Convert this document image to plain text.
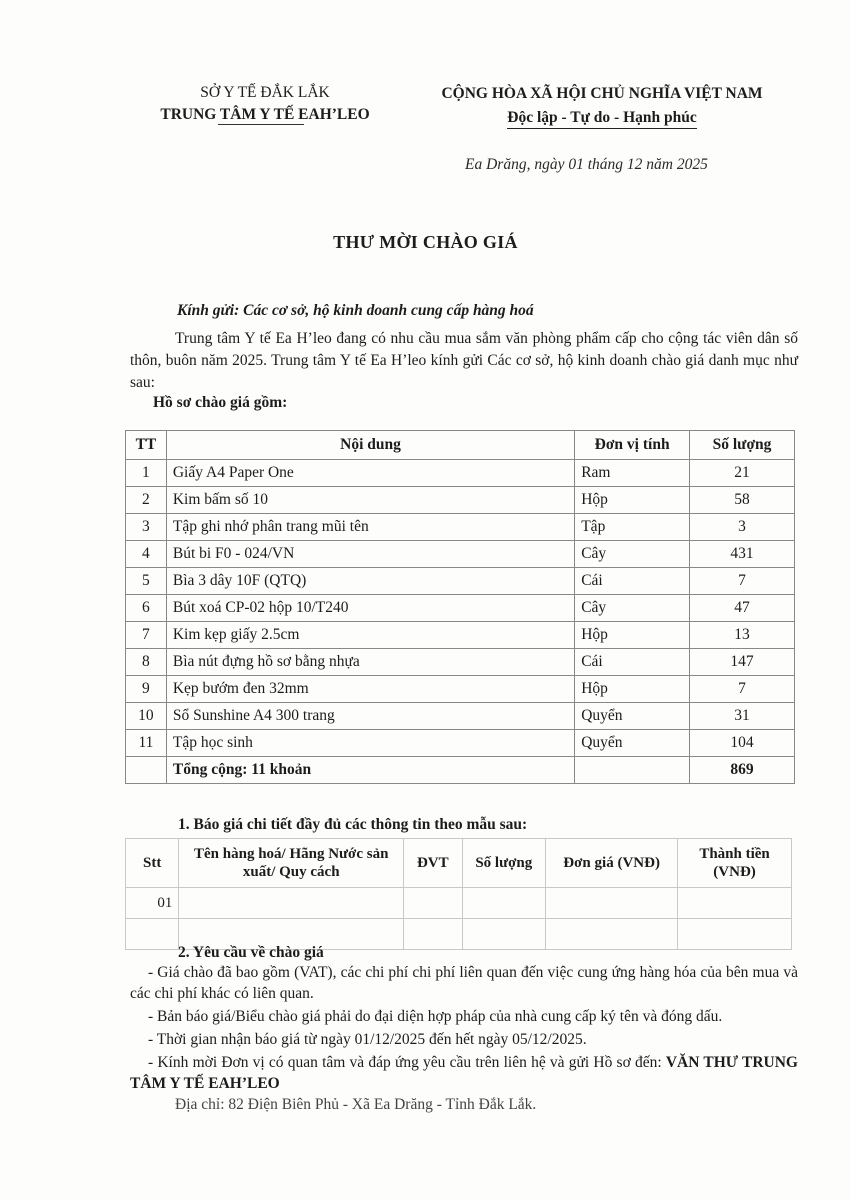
SỞ Y TẾ ĐẮK LẮK
TRUNG TÂM Y TẾ EAH’LEO
CỘNG HÒA XÃ HỘI CHỦ NGHĨA VIỆT NAM
Độc lập - Tự do - Hạnh phúc
Ea Drăng, ngày 01 tháng 12 năm 2025
THƯ MỜI CHÀO GIÁ
Kính gửi: Các cơ sở, hộ kinh doanh cung cấp hàng hoá
Trung tâm Y tế Ea H’leo đang có nhu cầu mua sắm văn phòng phẩm cấp cho cộng tác viên dân số thôn, buôn năm 2025. Trung tâm Y tế Ea H’leo kính gửi Các cơ sở, hộ kinh doanh chào giá danh mục như sau:
Hồ sơ chào giá gồm:
TT	Nội dung	Đơn vị tính	Số lượng
1	Giấy A4 Paper One	Ram	21
2	Kim bấm số 10	Hộp	58
3	Tập ghi nhớ phân trang mũi tên	Tập	3
4	Bút bi F0 - 024/VN	Cây	431
5	Bìa 3 dây 10F (QTQ)	Cái	7
6	Bút xoá CP-02 hộp 10/T240	Cây	47
7	Kim kẹp giấy 2.5cm	Hộp	13
8	Bìa nút đựng hồ sơ bằng nhựa	Cái	147
9	Kẹp bướm đen 32mm	Hộp	7
10	Sổ Sunshine A4 300 trang	Quyển	31
11	Tập học sinh	Quyển	104
	Tổng cộng: 11 khoản		869
1. Báo giá chi tiết đầy đủ các thông tin theo mẫu sau:
Stt	Tên hàng hoá/ Hãng Nước sản xuất/ Quy cách	ĐVT	Số lượng	Đơn giá (VNĐ)	Thành tiền (VNĐ)
01					

2. Yêu cầu về chào giá

- Giá chào đã bao gồm (VAT), các chi phí chi phí liên quan đến việc cung ứng hàng hóa của bên mua và các chi phí khác có liên quan.

- Bản báo giá/Biểu chào giá phải do đại diện hợp pháp của nhà cung cấp ký tên và đóng dấu.

- Thời gian nhận báo giá từ ngày 01/12/2025 đến hết ngày 05/12/2025.

- Kính mời Đơn vị có quan tâm và đáp ứng yêu cầu trên liên hệ và gửi Hồ sơ đến: VĂN THƯ TRUNG TÂM Y TẾ EAH’LEO

Địa chỉ: 82 Điện Biên Phủ - Xã Ea Drăng - Tỉnh Đắk Lắk.
